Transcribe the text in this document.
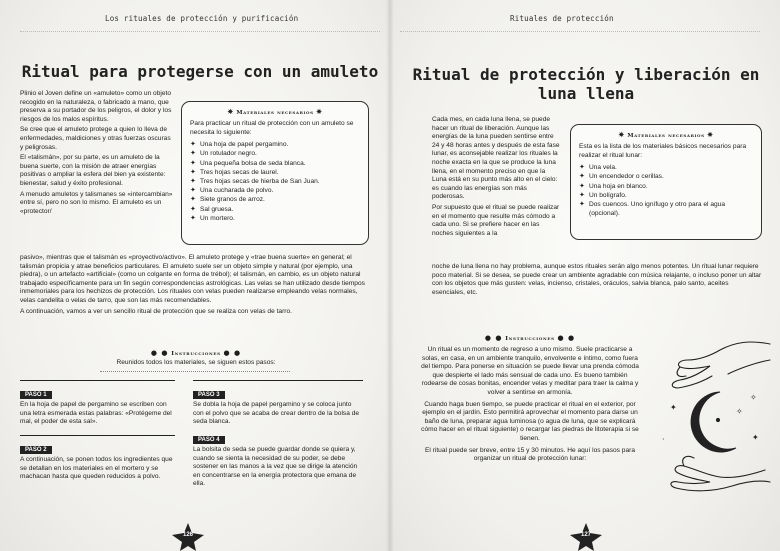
Los rituales de protección y purificación
Ritual para protegerse con un amuleto

Plinio el Joven define un «amuleto» como un objeto recogido en la naturaleza, o fabricado a mano, que preserva a su portador de los peligros, el dolor y los riesgos de los malos espíritus.

Se cree que el amuleto protege a quien lo lleva de enfermedades, maldiciones y otras fuerzas oscuras y peligrosas.

El «talismán», por su parte, es un amuleto de la buena suerte, con la misión de atraer energías positivas o ampliar la esfera del bien ya existente: bienestar, salud y éxito profesional.

A menudo amuletos y talismanes se «intercambian» entre sí, pero no son lo mismo. El amuleto es un «protector/

✷ Materiales necesarios ✷
Para practicar un ritual de protección con un amuleto se necesita lo siguiente:
✦ Una hoja de papel pergamino.
✦ Un rotulador negro.
✦ Una pequeña bolsa de seda blanca.
✦ Tres hojas secas de laurel.
✦ Tres hojas secas de hierba de San Juan.
✦ Una cucharada de polvo.
✦ Siete granos de arroz.
✦ Sal gruesa.
✦ Un mortero.

pasivo», mientras que el talismán es «proyectivo/activo». El amuleto protege y «trae buena suerte» en general; el talismán propicia y atrae beneficios particulares. El amuleto suele ser un objeto simple y natural (por ejemplo, una piedra), o un artefacto «artificial» (como un colgante en forma de trébol); el talismán, en cambio, es un objeto natural trabajado específicamente para un fin según correspondencias astrológicas. Las velas se han utilizado desde tiempos inmemoriales para los hechizos de protección. Los rituales con velas pueden realizarse empleando velas normales, velas candelita o velas de tarro, que son las más recomendables.

A continuación, vamos a ver un sencillo ritual de protección que se realiza con velas de tarro.

● ● Instrucciones ● ●
Reunidos todos los materiales, se siguen estos pasos:
PASO 1
En la hoja de papel de pergamino se escriben con una letra esmerada estas palabras: «Protégeme del mal, el poder de esta sal».
PASO 2
A continuación, se ponen todos los ingredientes que se detallan en los materiales en el mortero y se machacan hasta que queden reducidos a polvo.
PASO 3
Se dobla la hoja de papel pergamino y se coloca junto con el polvo que se acaba de crear dentro de la bolsa de seda blanca.
PASO 4
La bolsita de seda se puede guardar donde se quiera y, cuando se sienta la necesidad de su poder, se debe sostener en las manos a la vez que se dirige la atención en concentrarse en la energía protectora que emana de ella.
126
Rituales de protección
Ritual de protección y liberación en luna llena

Cada mes, en cada luna llena, se puede hacer un ritual de liberación. Aunque las energías de la luna pueden sentirse entre 24 y 48 horas antes y después de esta fase lunar, es aconsejable realizar los rituales la noche exacta en la que se produce la luna llena, en el momento preciso en que la Luna está en su punto más alto en el cielo: es cuando las energías son más poderosas.

Por supuesto que el ritual se puede realizar en el momento que resulte más cómodo a cada uno. Si se prefiere hacer en las noches siguientes a la

✷ Materiales necesarios ✷
Esta es la lista de los materiales básicos necesarios para realizar el ritual lunar:
✦ Una vela.
✦ Un encendedor o cerillas.
✦ Una hoja en blanco.
✦ Un bolígrafo.
✦ Dos cuencos. Uno ignífugo y otro para el agua (opcional).

noche de luna llena no hay problema, aunque estos rituales serán algo menos potentes. Un ritual lunar requiere poco material. Si se desea, se puede crear un ambiente agradable con música relajante, o incluso poner un altar con los objetos que más gusten: velas, incienso, cristales, oráculos, salvia blanca, palo santo, aceites esenciales, etc.

● ● Instrucciones ● ●

Un ritual es un momento de regreso a uno mismo. Suele practicarse a solas, en casa, en un ambiente tranquilo, envolvente e íntimo, como fuera del tiempo. Para ponerse en situación se puede llevar una prenda cómoda que despierte el lado más sensual de cada uno. Es bueno también rodearse de cosas bonitas, encender velas y meditar para traer la calma y volver a sentirse en armonía.

Cuando haga buen tiempo, se puede practicar el ritual en el exterior, por ejemplo en el jardín. Esto permitirá aprovechar el momento para darse un baño de luna, preparar agua luminosa (o agua de luna, que se explicará cómo hacer en el ritual siguiente) o recargar las piedras de litoterapia si se tienen.

El ritual puede ser breve, entre 15 y 30 minutos. He aquí los pasos para organizar un ritual de protección lunar:

✦
✧
✦
·
✧
127
